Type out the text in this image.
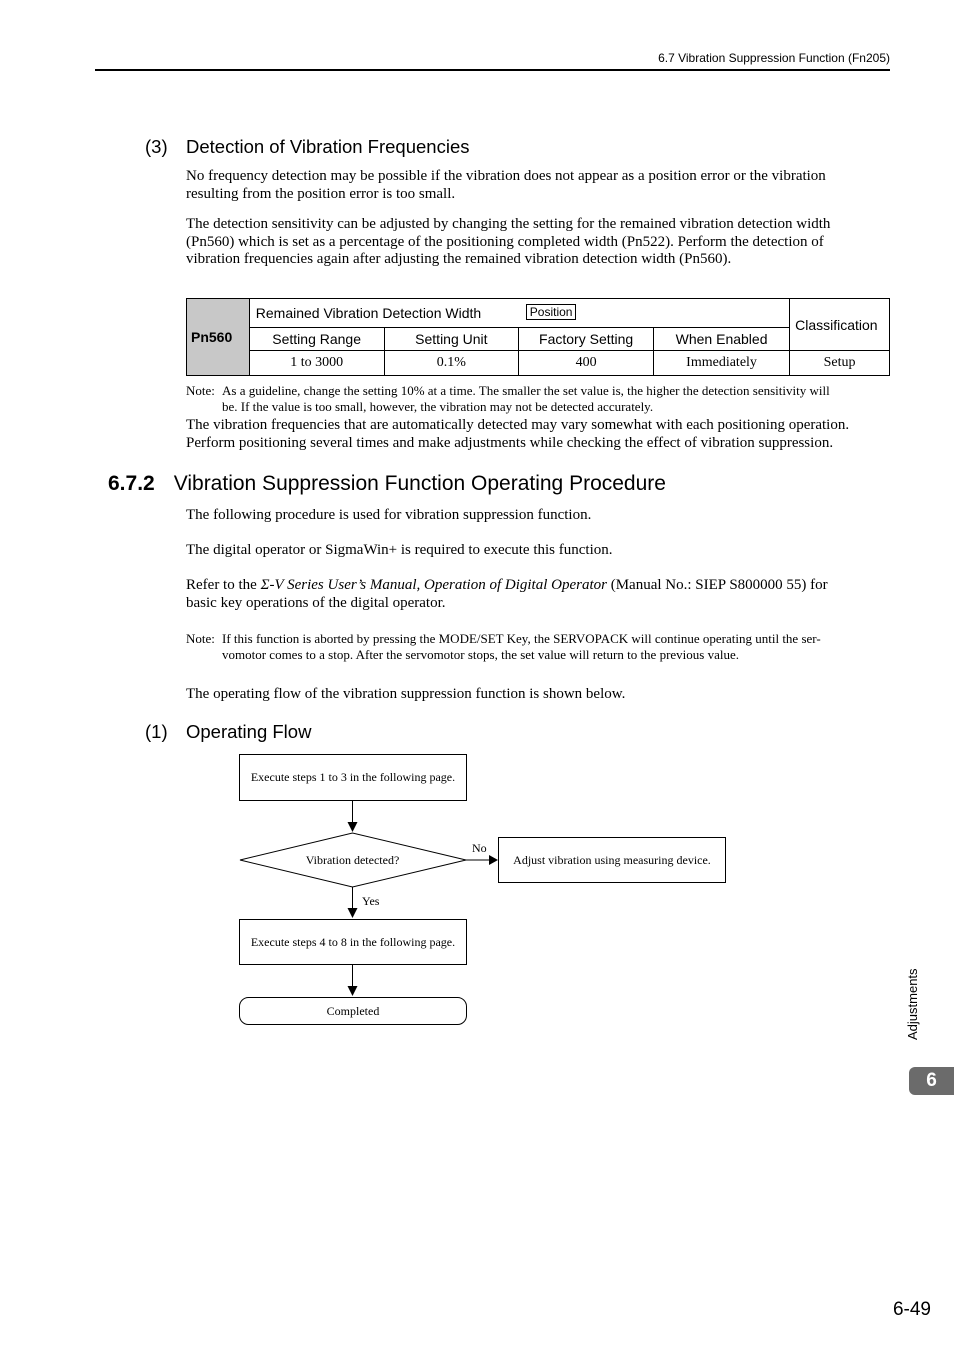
6.7 Vibration Suppression Function (Fn205)
(3) Detection of Vibration Frequencies
No frequency detection may be possible if the vibration does not appear as a position error or the vibration
resulting from the position error is too small.
The detection sensitivity can be adjusted by changing the setting for the remained vibration detection width
(Pn560) which is set as a percentage of the positioning completed width (Pn522). Perform the detection of
vibration frequencies again after adjusting the remained vibration detection width (Pn560).
Pn560	Remained Vibration Detection Width Position				Classification
	Setting Range	Setting Unit	Factory Setting	When Enabled	
	1 to 3000	0.1%	400	Immediately	Setup
Note: As a guideline, change the setting 10% at a time. The smaller the set value is, the higher the detection sensitivity will
be. If the value is too small, however, the vibration may not be detected accurately.
The vibration frequencies that are automatically detected may vary somewhat with each positioning operation.
Perform positioning several times and make adjustments while checking the effect of vibration suppression.
6.7.2 Vibration Suppression Function Operating Procedure
The following procedure is used for vibration suppression function.
The digital operator or SigmaWin+ is required to execute this function.
Refer to the Σ-V Series User’s Manual, Operation of Digital Operator (Manual No.: SIEP S800000 55) for
basic key operations of the digital operator.
Note: If this function is aborted by pressing the MODE/SET Key, the SERVOPACK will continue operating until the ser-
vomotor comes to a stop. After the servomotor stops, the set value will return to the previous value.
The operating flow of the vibration suppression function is shown below.
(1) Operating Flow
Execute steps 1 to 3 in the following page.
Vibration detected?
No
Adjust vibration using measuring device.
Yes
Execute steps 4 to 8 in the following page.
Completed	Adjustments
6
6-49
